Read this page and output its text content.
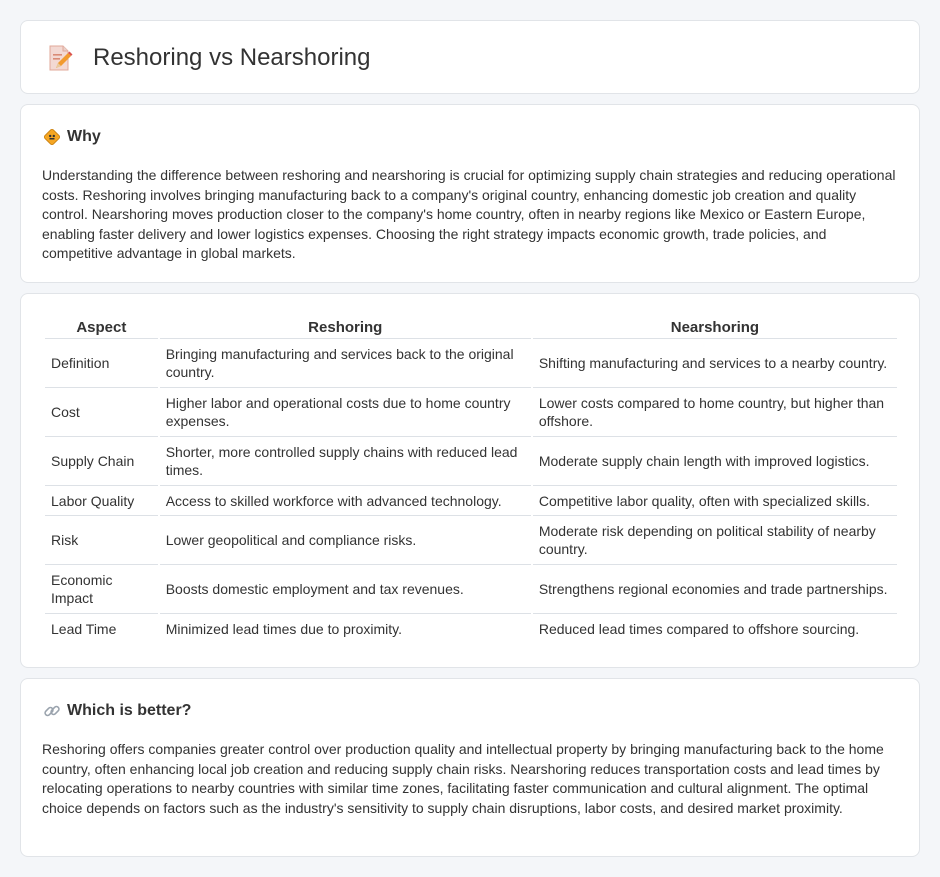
Reshoring vs Nearshoring
Why

Understanding the difference between reshoring and nearshoring is crucial for optimizing supply chain strategies and reducing operational costs. Reshoring involves bringing manufacturing back to a company's original country, enhancing domestic job creation and quality control. Nearshoring moves production closer to the company's home country, often in nearby regions like Mexico or Eastern Europe, enabling faster delivery and lower logistics expenses. Choosing the right strategy impacts economic growth, trade policies, and competitive advantage in global markets.

Aspect	Reshoring	Nearshoring
Definition	Bringing manufacturing and services back to the original country.	Shifting manufacturing and services to a nearby country.
Cost	Higher labor and operational costs due to home country expenses.	Lower costs compared to home country, but higher than offshore.
Supply Chain	Shorter, more controlled supply chains with reduced lead times.	Moderate supply chain length with improved logistics.
Labor Quality	Access to skilled workforce with advanced technology.	Competitive labor quality, often with specialized skills.
Risk	Lower geopolitical and compliance risks.	Moderate risk depending on political stability of nearby country.
Economic Impact	Boosts domestic employment and tax revenues.	Strengthens regional economies and trade partnerships.
Lead Time	Minimized lead times due to proximity.	Reduced lead times compared to offshore sourcing.
Which is better?

Reshoring offers companies greater control over production quality and intellectual property by bringing manufacturing back to the home country, often enhancing local job creation and reducing supply chain risks. Nearshoring reduces transportation costs and lead times by relocating operations to nearby countries with similar time zones, facilitating faster communication and cultural alignment. The optimal choice depends on factors such as the industry's sensitivity to supply chain disruptions, labor costs, and desired market proximity.
